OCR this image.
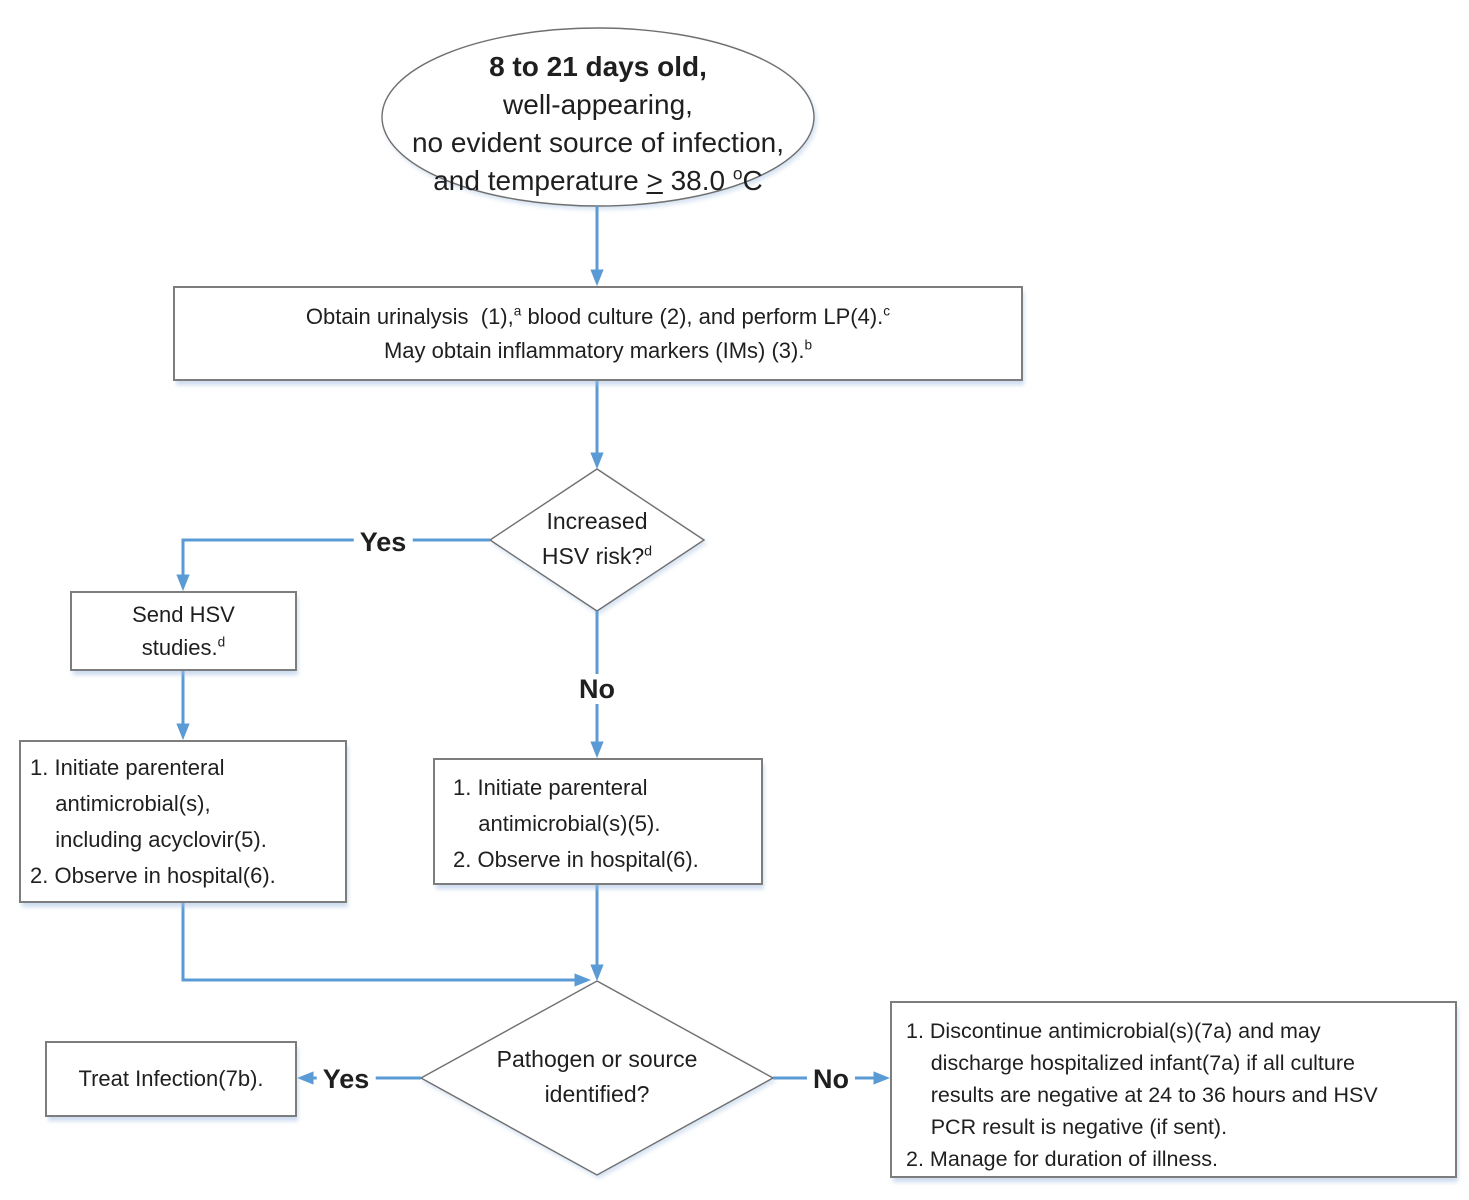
8 to 21 days old,
well-appearing,
no evident source of infection,
and temperature > 38.0 $^o$C
Obtain urinalysis  (1),$^a$ blood culture (2), and perform LP(4).$^c$
May obtain inflammatory markers (IMs) (3).$^b$
Increased
HSV risk?$^d$
Send HSV
studies.$^d$
1. Initiate parenteral
antimicrobial(s),
including acyclovir(5).
2. Observe in hospital(6).
1. Initiate parenteral
antimicrobial(s)(5).
2. Observe in hospital(6).
Pathogen or source
identified?
Treat Infection(7b).
1. Discontinue antimicrobial(s)(7a) and may
discharge hospitalized infant(7a) if all culture
results are negative at 24 to 36 hours and HSV
PCR result is negative (if sent).
2. Manage for duration of illness.
Yes
No
Yes	No
